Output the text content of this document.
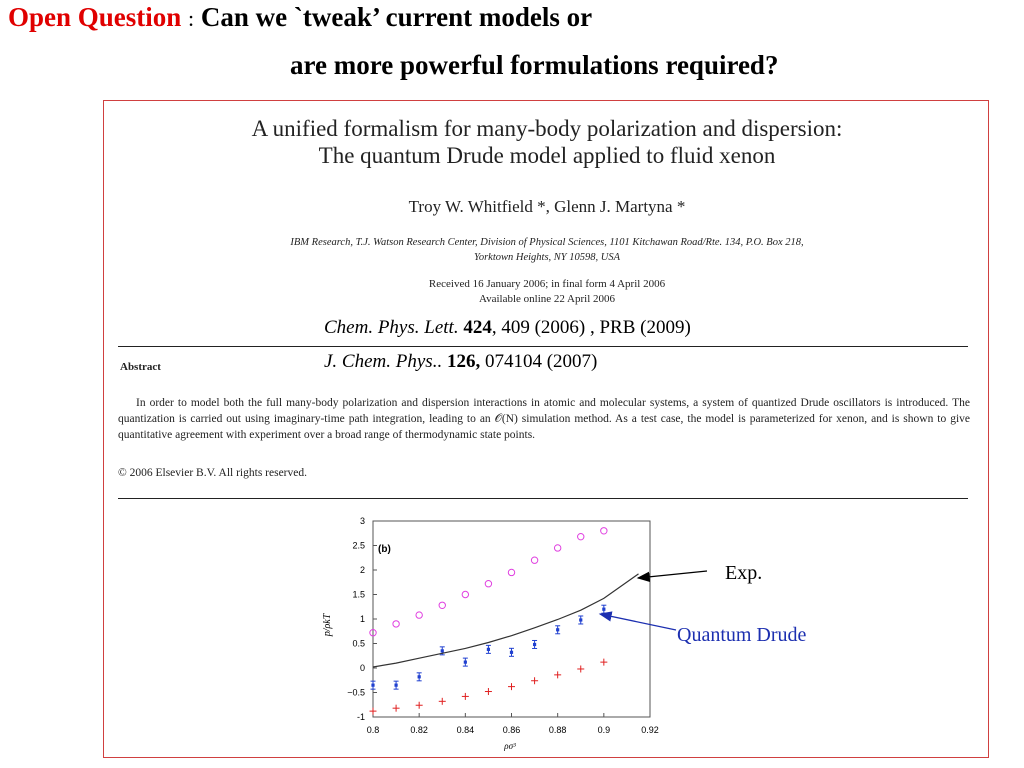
Open Question : Can we `tweak’ current models or
are more powerful formulations required?
A unified formalism for many-body polarization and dispersion:
The quantum Drude model applied to fluid xenon
Troy W. Whitfield *, Glenn J. Martyna *
IBM Research, T.J. Watson Research Center, Division of Physical Sciences, 1101 Kitchawan Road/Rte. 134, P.O. Box 218,
Yorktown Heights, NY 10598, USA
Received 16 January 2006; in final form 4 April 2006
Available online 22 April 2006
Chem. Phys. Lett. 424, 409 (2006) , PRB (2009)
J. Chem. Phys.. 126, 074104 (2007)
Abstract
In order to model both the full many-body polarization and dispersion interactions in atomic and molecular systems, a system of quantized Drude oscillators is introduced. The quantization is carried out using imaginary-time path integration, leading to an 𝒪(N) simulation method. As a test case, the model is parameterized for xenon, and is shown to give quantitative agreement with experiment over a broad range of thermodynamic state points.
© 2006 Elsevier B.V. All rights reserved.
(b)
p/ρkT
ρσ³
3
2.5
2
1.5
1
0.5
0
−0.5
-1
0.8	0.82	0.84	0.86	0.88	0.9	0.92
Exp.
Quantum Drude
